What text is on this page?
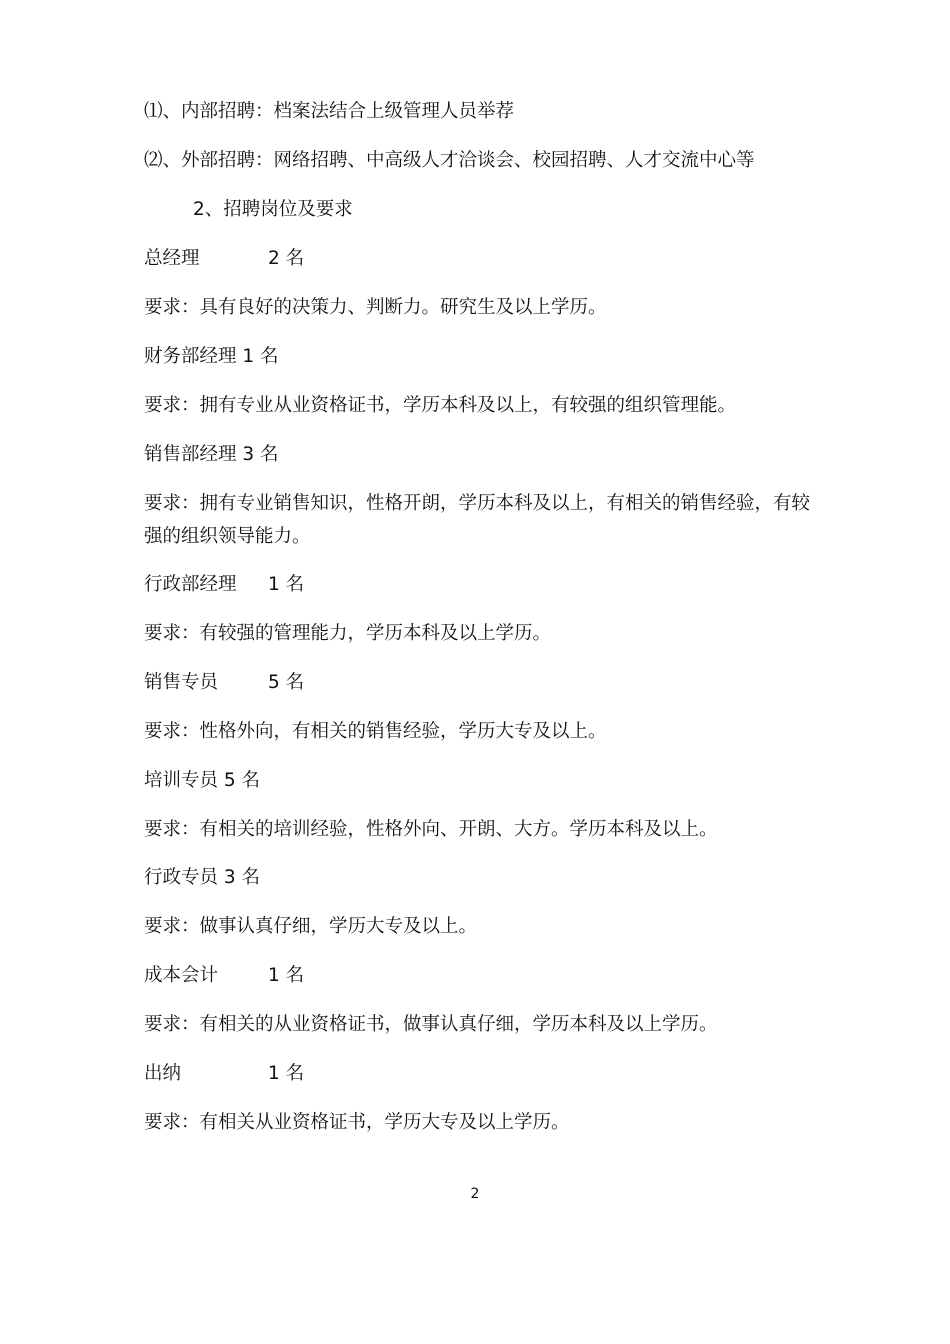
⑴、内部招聘：档案法结合上级管理人员举荐
⑵、外部招聘：网络招聘、中高级人才洽谈会、校园招聘、人才交流中心等
2、招聘岗位及要求
总经理	2 名
要求：具有良好的决策力、判断力。研究生及以上学历。
财务部经理 1 名
要求：拥有专业从业资格证书，学历本科及以上，有较强的组织管理能。
销售部经理 3 名
要求：拥有专业销售知识，性格开朗，学历本科及以上，有相关的销售经验，有较强的组织领导能力。
行政部经理 1 名
要求：有较强的管理能力，学历本科及以上学历。
销售专员	5 名
要求：性格外向，有相关的销售经验，学历大专及以上。
培训专员 5 名
要求：有相关的培训经验，性格外向、开朗、大方。学历本科及以上。
行政专员 3 名
要求：做事认真仔细，学历大专及以上。
成本会计	1 名
要求：有相关的从业资格证书，做事认真仔细，学历本科及以上学历。
出纳	1 名
要求：有相关从业资格证书，学历大专及以上学历。
2
